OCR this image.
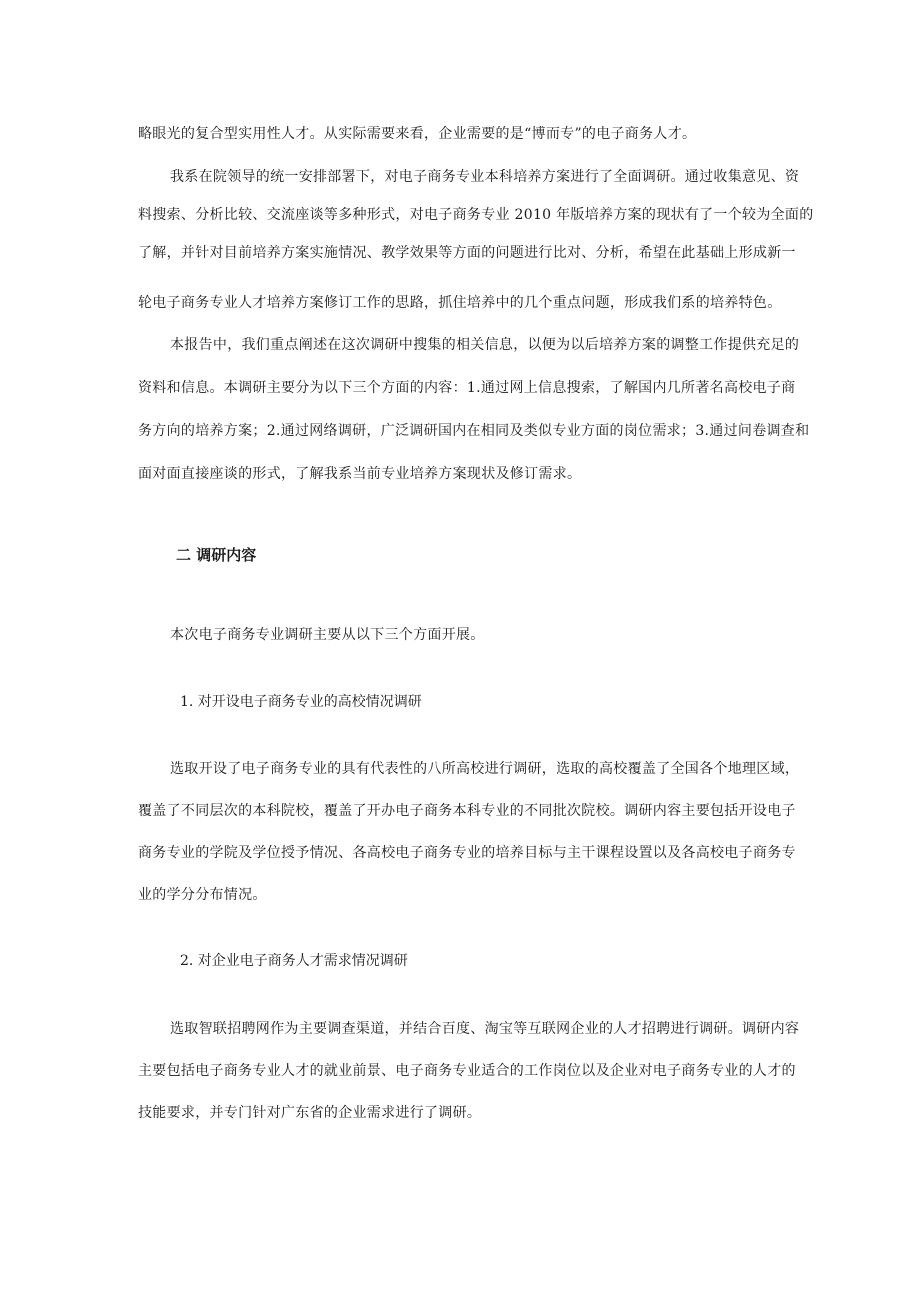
略眼光的复合型实用性人才。从实际需要来看，企业需要的是“博而专”的电子商务人才。
我系在院领导的统一安排部署下，对电子商务专业本科培养方案进行了全面调研。通过收集意见、资
料搜索、分析比较、交流座谈等多种形式，对电子商务专业 2010 年版培养方案的现状有了一个较为全面的
了解，并针对目前培养方案实施情况、教学效果等方面的问题进行比对、分析，希望在此基础上形成新一
轮电子商务专业人才培养方案修订工作的思路，抓住培养中的几个重点问题，形成我们系的培养特色。
本报告中，我们重点阐述在这次调研中搜集的相关信息，以便为以后培养方案的调整工作提供充足的
资料和信息。本调研主要分为以下三个方面的内容：1.通过网上信息搜索，了解国内几所著名高校电子商
务方向的培养方案；2.通过网络调研，广泛调研国内在相同及类似专业方面的岗位需求；3.通过问卷调查和
面对面直接座谈的形式，了解我系当前专业培养方案现状及修订需求。
二 调研内容
本次电子商务专业调研主要从以下三个方面开展。
1. 对开设电子商务专业的高校情况调研
选取开设了电子商务专业的具有代表性的八所高校进行调研，选取的高校覆盖了全国各个地理区域，
覆盖了不同层次的本科院校，覆盖了开办电子商务本科专业的不同批次院校。调研内容主要包括开设电子
商务专业的学院及学位授予情况、各高校电子商务专业的培养目标与主干课程设置以及各高校电子商务专
业的学分分布情况。
2. 对企业电子商务人才需求情况调研
选取智联招聘网作为主要调查渠道，并结合百度、淘宝等互联网企业的人才招聘进行调研。调研内容
主要包括电子商务专业人才的就业前景、电子商务专业适合的工作岗位以及企业对电子商务专业的人才的
技能要求，并专门针对广东省的企业需求进行了调研。
